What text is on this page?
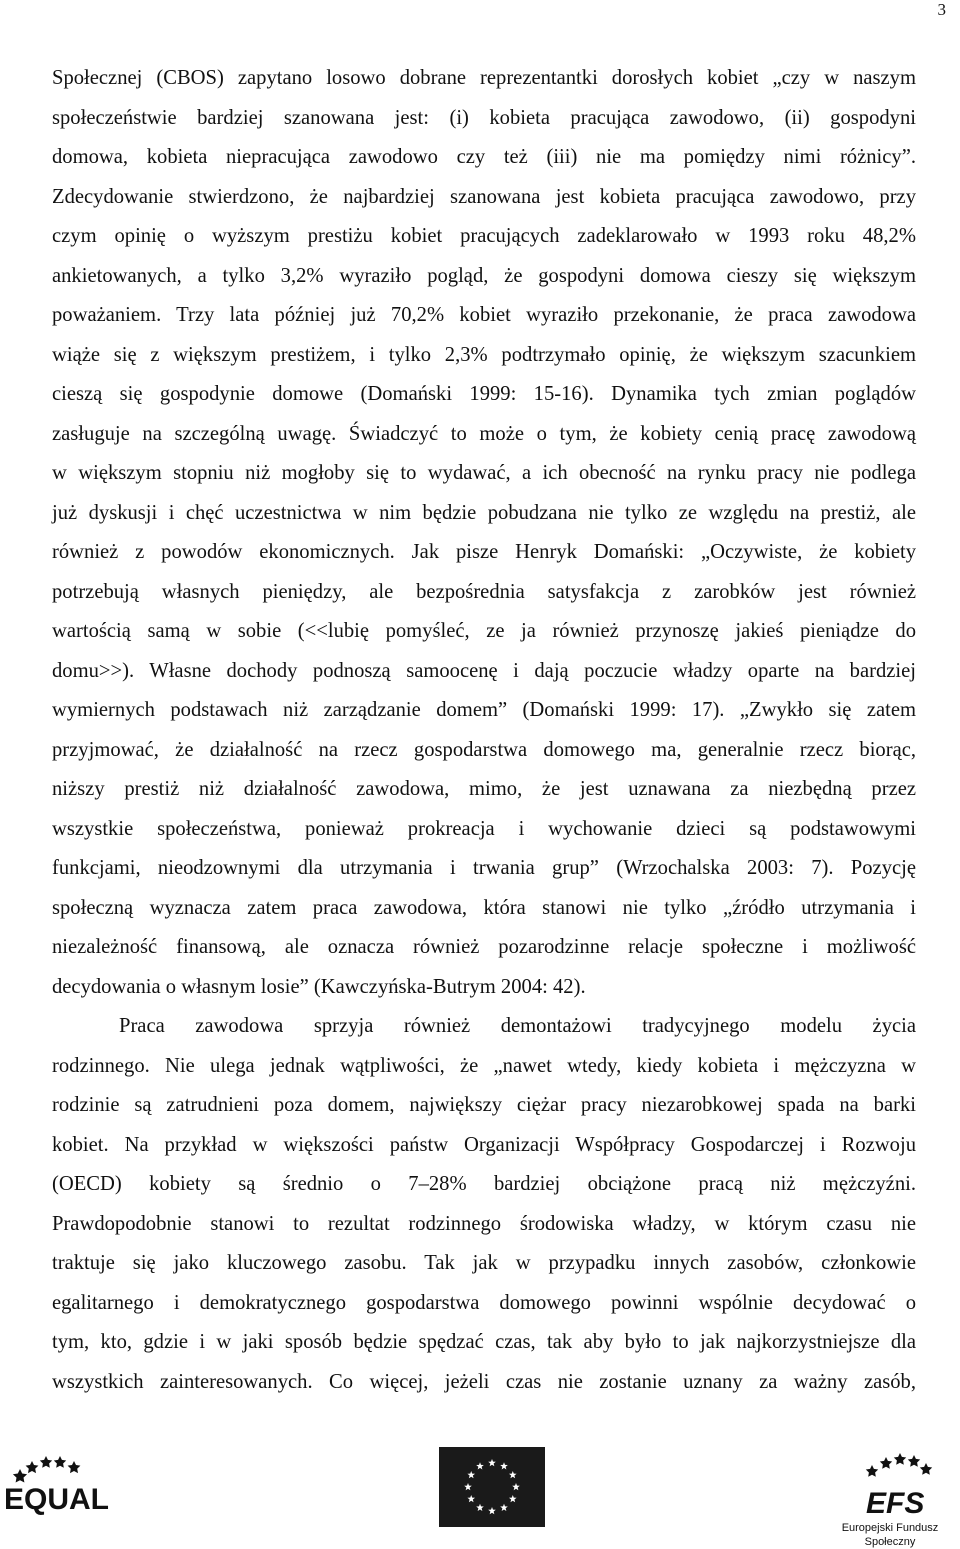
3
Społecznej (CBOS) zapytano losowo dobrane reprezentantki dorosłych kobiet „czy w naszym
społeczeństwie bardziej szanowana jest: (i) kobieta pracująca zawodowo, (ii) gospodyni
domowa, kobieta niepracująca zawodowo czy też (iii) nie ma pomiędzy nimi różnicy”.
Zdecydowanie stwierdzono, że najbardziej szanowana jest kobieta pracująca zawodowo, przy
czym opinię o wyższym prestiżu kobiet pracujących zadeklarowało w 1993 roku 48,2%
ankietowanych, a tylko 3,2% wyraziło pogląd, że gospodyni domowa cieszy się większym
poważaniem. Trzy lata później już 70,2% kobiet wyraziło przekonanie, że praca zawodowa
wiąże się z większym prestiżem, i tylko 2,3% podtrzymało opinię, że większym szacunkiem
cieszą się gospodynie domowe (Domański 1999: 15-16). Dynamika tych zmian poglądów
zasługuje na szczególną uwagę. Świadczyć to może o tym, że kobiety cenią pracę zawodową
w większym stopniu niż mogłoby się to wydawać, a ich obecność na rynku pracy nie podlega
już dyskusji i chęć uczestnictwa w nim będzie pobudzana nie tylko ze względu na prestiż, ale
również z powodów ekonomicznych. Jak pisze Henryk Domański: „Oczywiste, że kobiety
potrzebują własnych pieniędzy, ale bezpośrednia satysfakcja z zarobków jest również
wartością samą w sobie (<<lubię pomyśleć, ze ja również przynoszę jakieś pieniądze do
domu>>). Własne dochody podnoszą samoocenę i dają poczucie władzy oparte na bardziej
wymiernych podstawach niż zarządzanie domem” (Domański 1999: 17). „Zwykło się zatem
przyjmować, że działalność na rzecz gospodarstwa domowego ma, generalnie rzecz biorąc,
niższy prestiż niż działalność zawodowa, mimo, że jest uznawana za niezbędną przez
wszystkie społeczeństwa, ponieważ prokreacja i wychowanie dzieci są podstawowymi
funkcjami, nieodzownymi dla utrzymania i trwania grup” (Wrzochalska 2003: 7). Pozycję
społeczną wyznacza zatem praca zawodowa, która stanowi nie tylko „źródło utrzymania i
niezależność finansową, ale oznacza również pozarodzinne relacje społeczne i możliwość
decydowania o własnym losie” (Kawczyńska-Butrym 2004: 42).
Praca zawodowa sprzyja również demontażowi tradycyjnego modelu życia
rodzinnego. Nie ulega jednak wątpliwości, że „nawet wtedy, kiedy kobieta i mężczyzna w
rodzinie są zatrudnieni poza domem, największy ciężar pracy niezarobkowej spada na barki
kobiet. Na przykład w większości państw Organizacji Współpracy Gospodarczej i Rozwoju
(OECD) kobiety są średnio o 7–28% bardziej obciążone pracą niż mężczyźni.
Prawdopodobnie stanowi to rezultat rodzinnego środowiska władzy, w którym czasu nie
traktuje się jako kluczowego zasobu. Tak jak w przypadku innych zasobów, członkowie
egalitarnego i demokratycznego gospodarstwa domowego powinni wspólnie decydować o
tym, kto, gdzie i w jaki sposób będzie spędzać czas, tak aby było to jak najkorzystniejsze dla
wszystkich zainteresowanych. Co więcej, jeżeli czas nie zostanie uznany za ważny zasób,
EQUAL	EFS
Europejski Fundusz Społeczny
